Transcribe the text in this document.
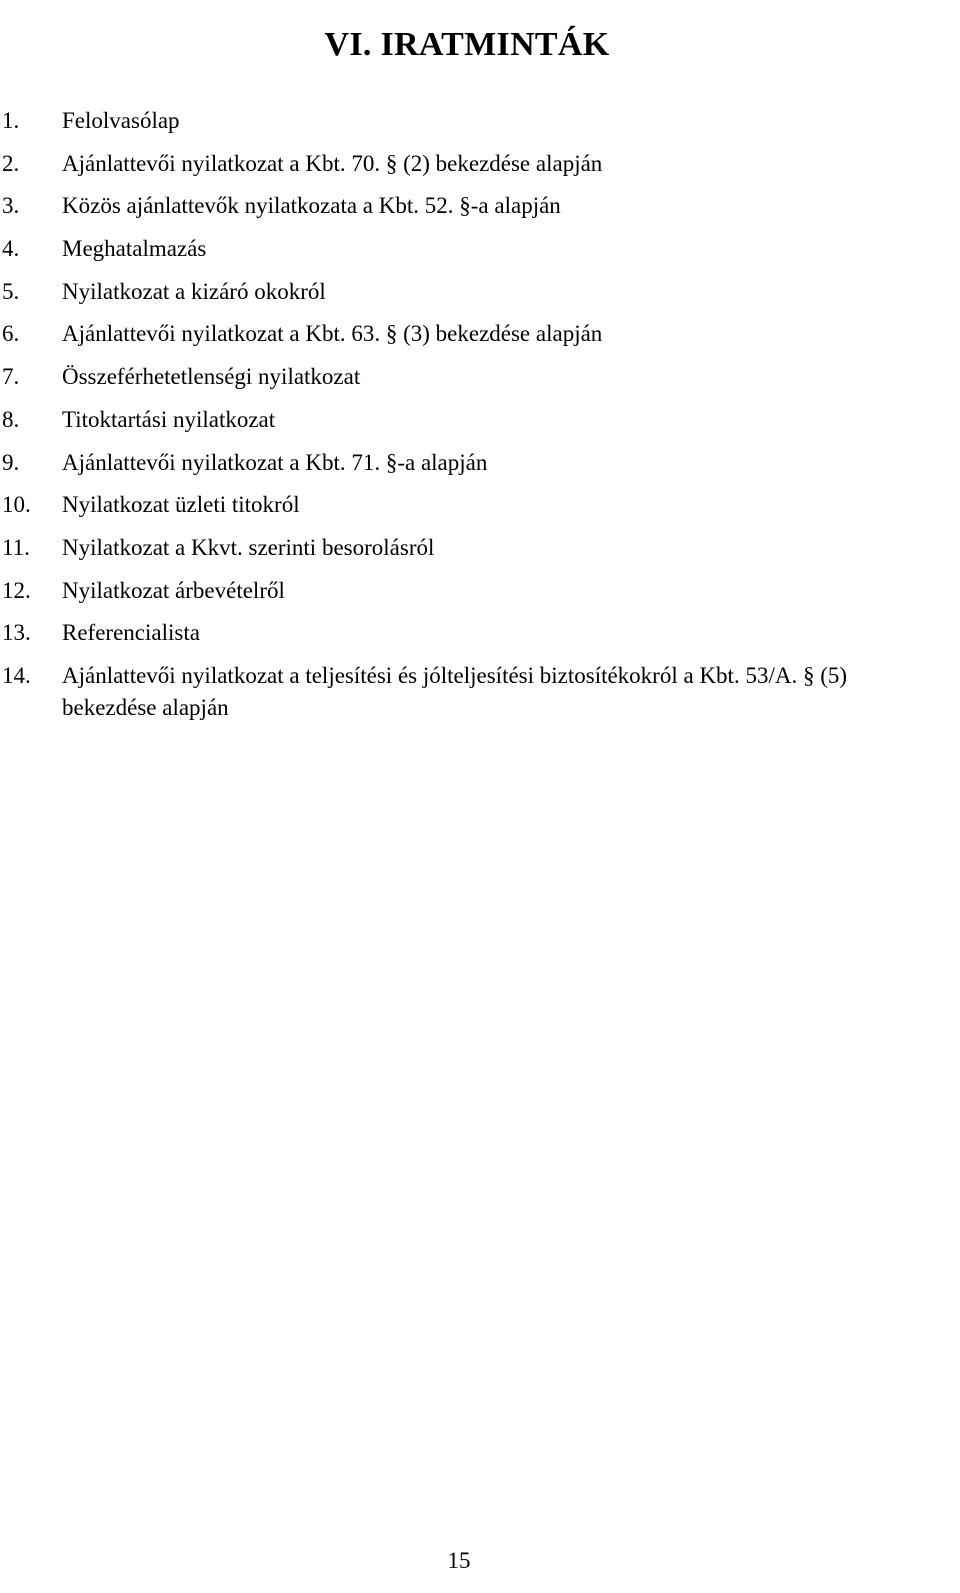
VI. IRATMINTÁK
1. Felolvasólap
2. Ajánlattevői nyilatkozat a Kbt. 70. § (2) bekezdése alapján
3. Közös ajánlattevők nyilatkozata a Kbt. 52. §-a alapján
4. Meghatalmazás
5. Nyilatkozat a kizáró okokról
6. Ajánlattevői nyilatkozat a Kbt. 63. § (3) bekezdése alapján
7. Összeférhetetlenségi nyilatkozat
8. Titoktartási nyilatkozat
9. Ajánlattevői nyilatkozat a Kbt. 71. §-a alapján
10. Nyilatkozat üzleti titokról
11. Nyilatkozat a Kkvt. szerinti besorolásról
12. Nyilatkozat árbevételről
13. Referencialista
14. Ajánlattevői nyilatkozat a teljesítési és jólteljesítési biztosítékokról a Kbt. 53/A. § (5) bekezdése alapján
15
